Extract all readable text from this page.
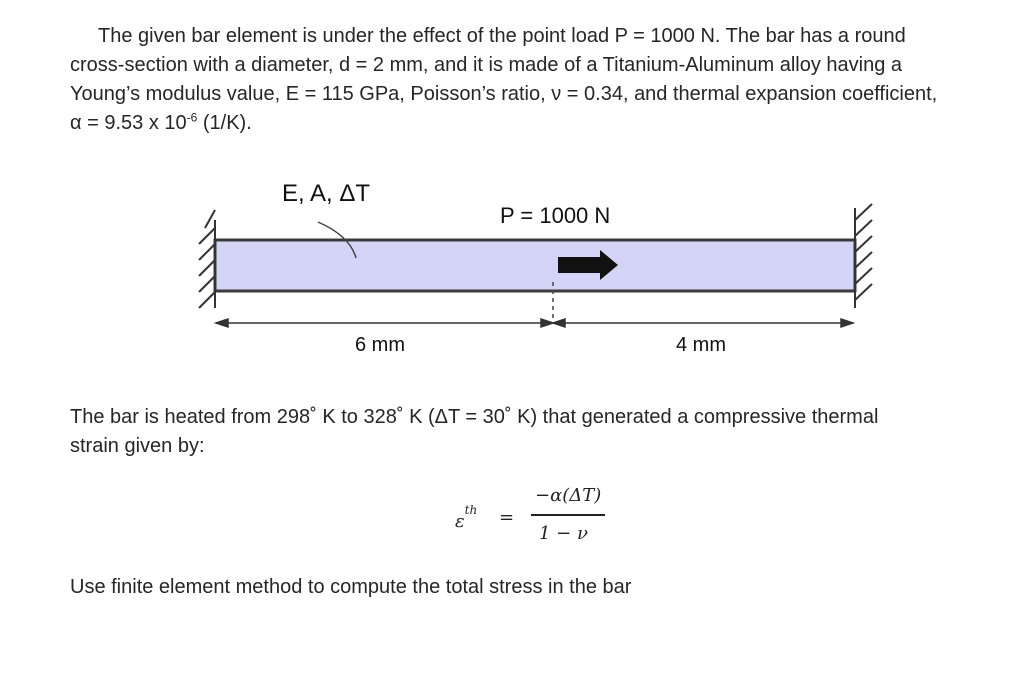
The given bar element is under the effect of the point load P = 1000 N. The bar has a round
cross-section with a diameter, d = 2 mm, and it is made of a Titanium-Aluminum alloy having a
Young’s modulus value, E = 115 GPa, Poisson’s ratio, ν = 0.34, and thermal expansion coefficient,
α = 9.53 x $10^{-6}$ (1/K).
E, A, ΔT
P = 1000 N
6 mm	4 mm
The bar is heated from 298˚ K to 328˚ K (ΔT = 30˚ K) that generated a compressive thermal
strain given by:
$\varepsilon^{th}$ =
−α(ΔT)
1 − ν
Use finite element method to compute the total stress in the bar
